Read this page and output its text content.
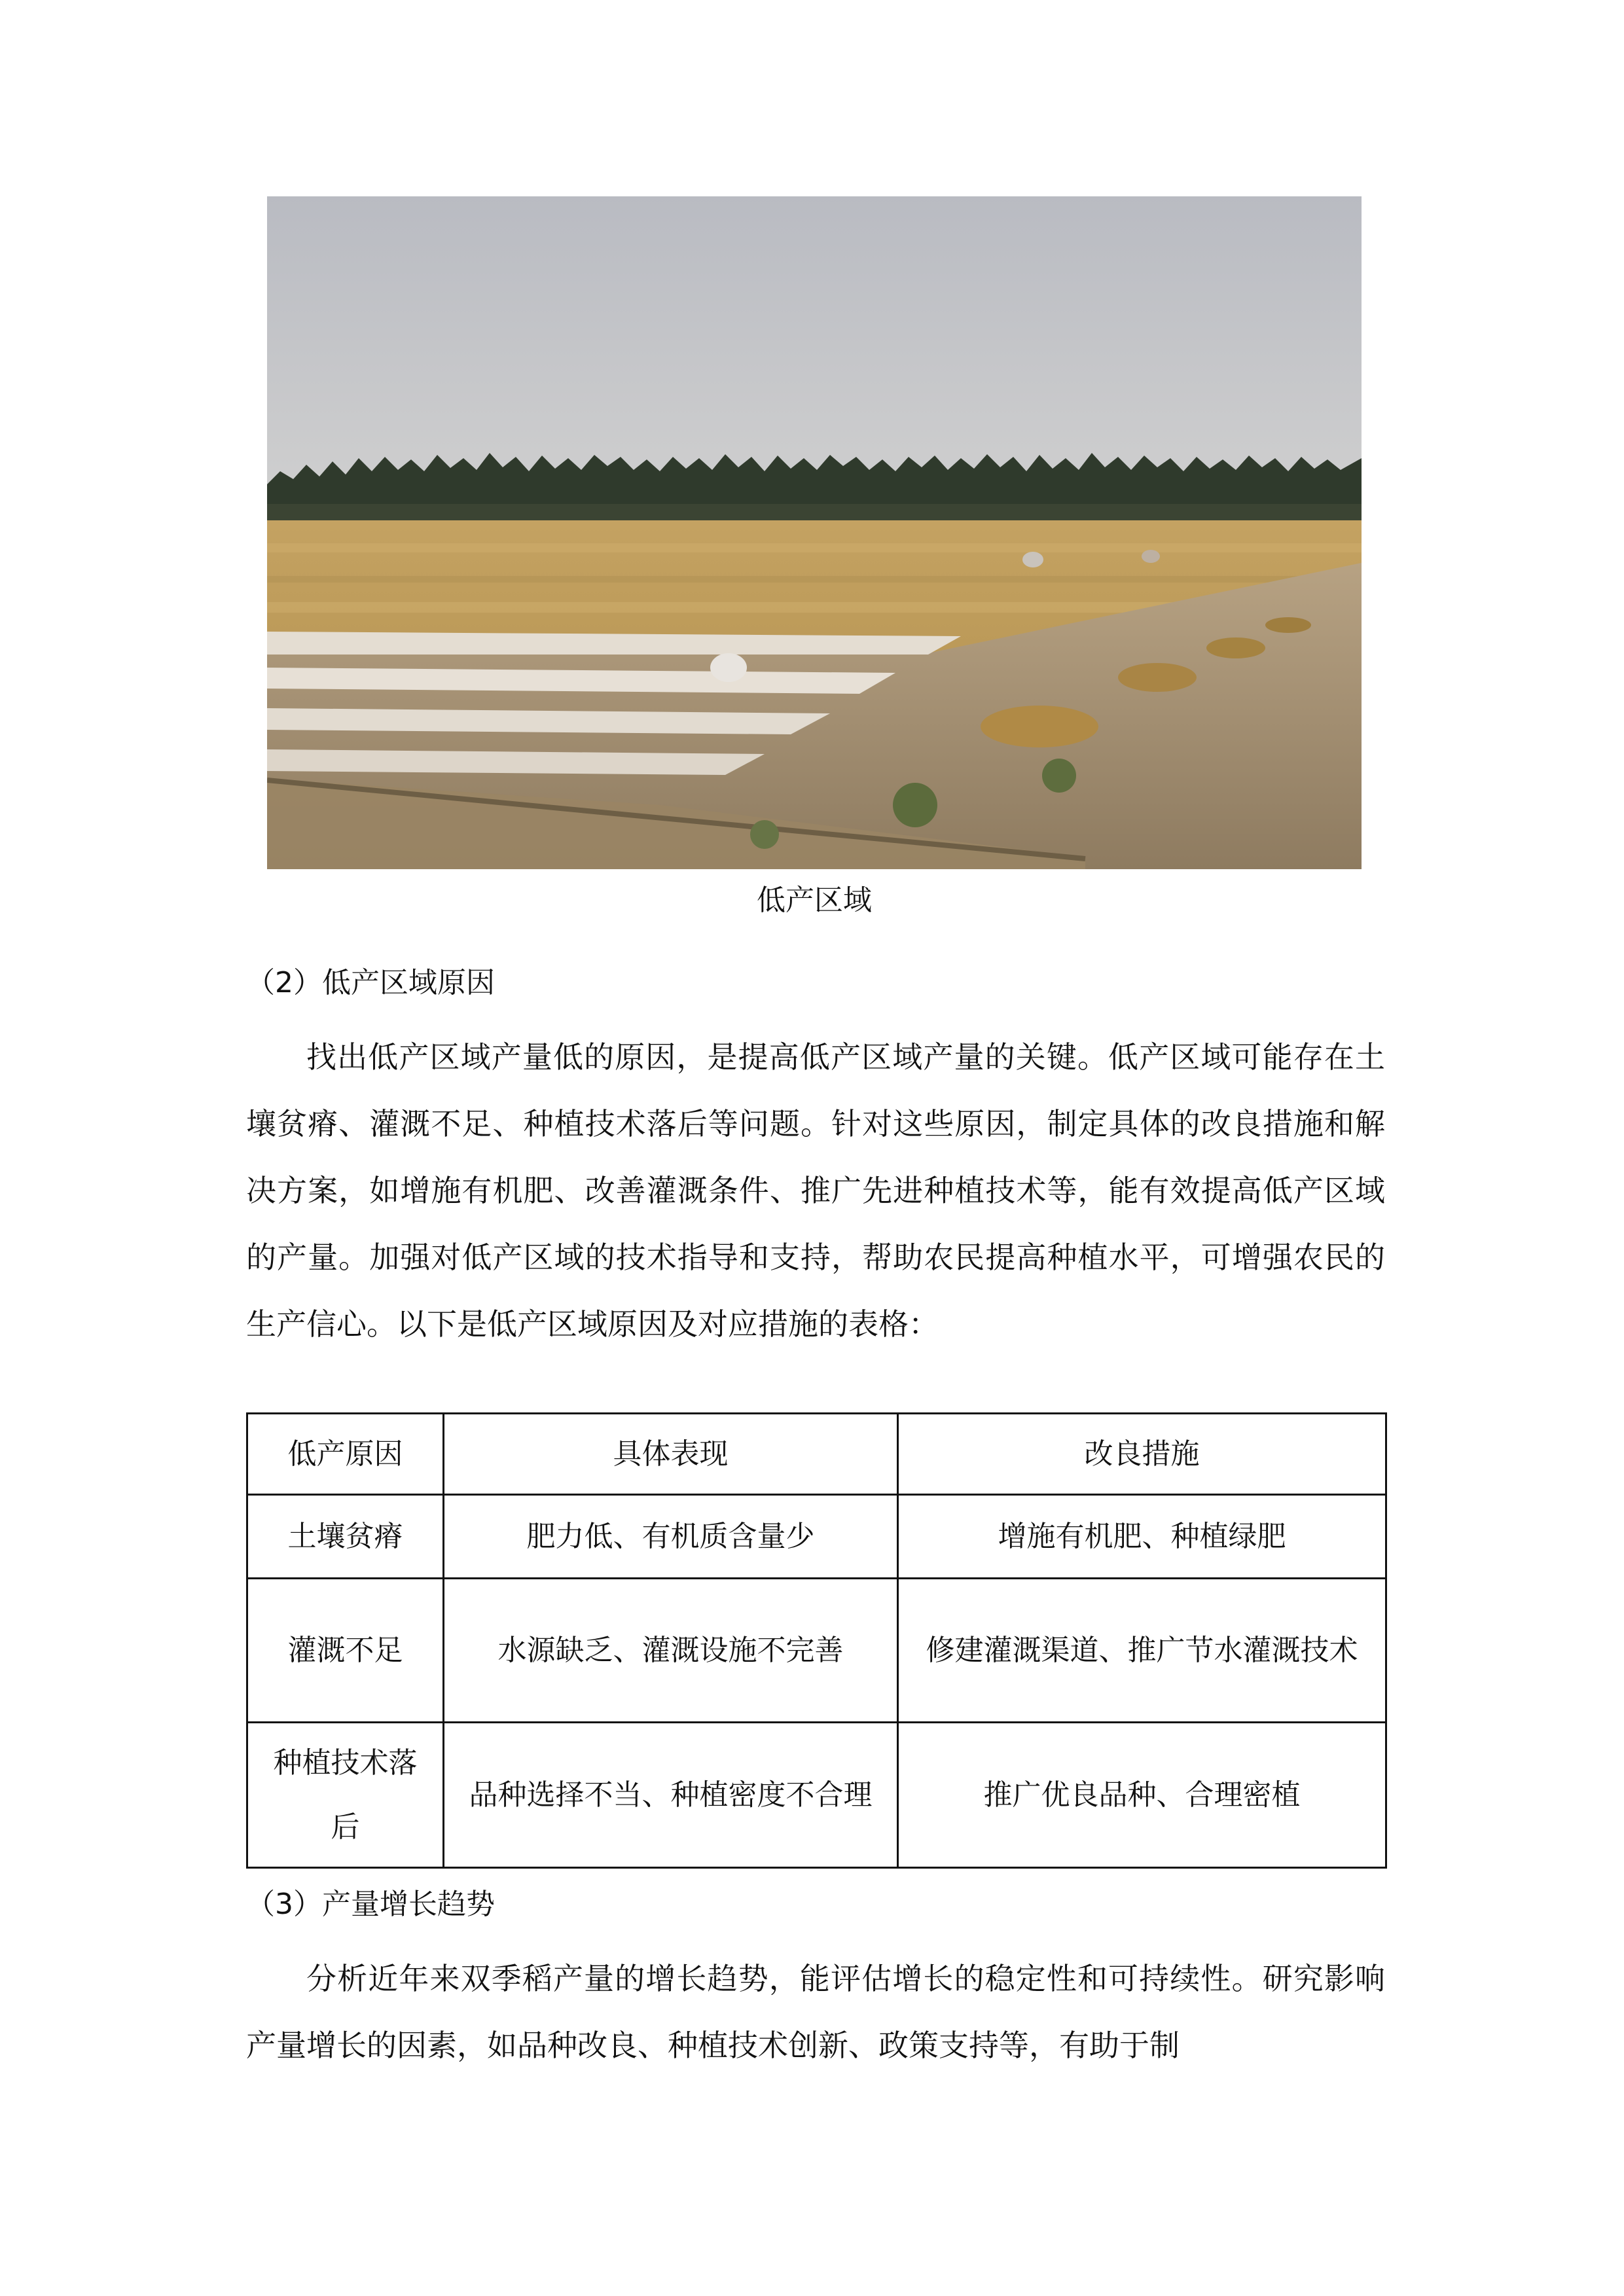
低产区域
（2）低产区域原因

找出低产区域产量低的原因，是提高低产区域产量的关键。低产区域可能存在土壤贫瘠、灌溉不足、种植技术落后等问题。针对这些原因，制定具体的改良措施和解决方案，如增施有机肥、改善灌溉条件、推广先进种植技术等，能有效提高低产区域的产量。加强对低产区域的技术指导和支持，帮助农民提高种植水平，可增强农民的生产信心。以下是低产区域原因及对应措施的表格：

低产原因	具体表现	改良措施
土壤贫瘠	肥力低、有机质含量少	增施有机肥、种植绿肥
灌溉不足	水源缺乏、灌溉设施不完善	修建灌溉渠道、推广节水灌溉技术
种植技术落后	品种选择不当、种植密度不合理	推广优良品种、合理密植
（3）产量增长趋势

分析近年来双季稻产量的增长趋势，能评估增长的稳定性和可持续性。研究影响产量增长的因素，如品种改良、种植技术创新、政策支持等，有助于制
